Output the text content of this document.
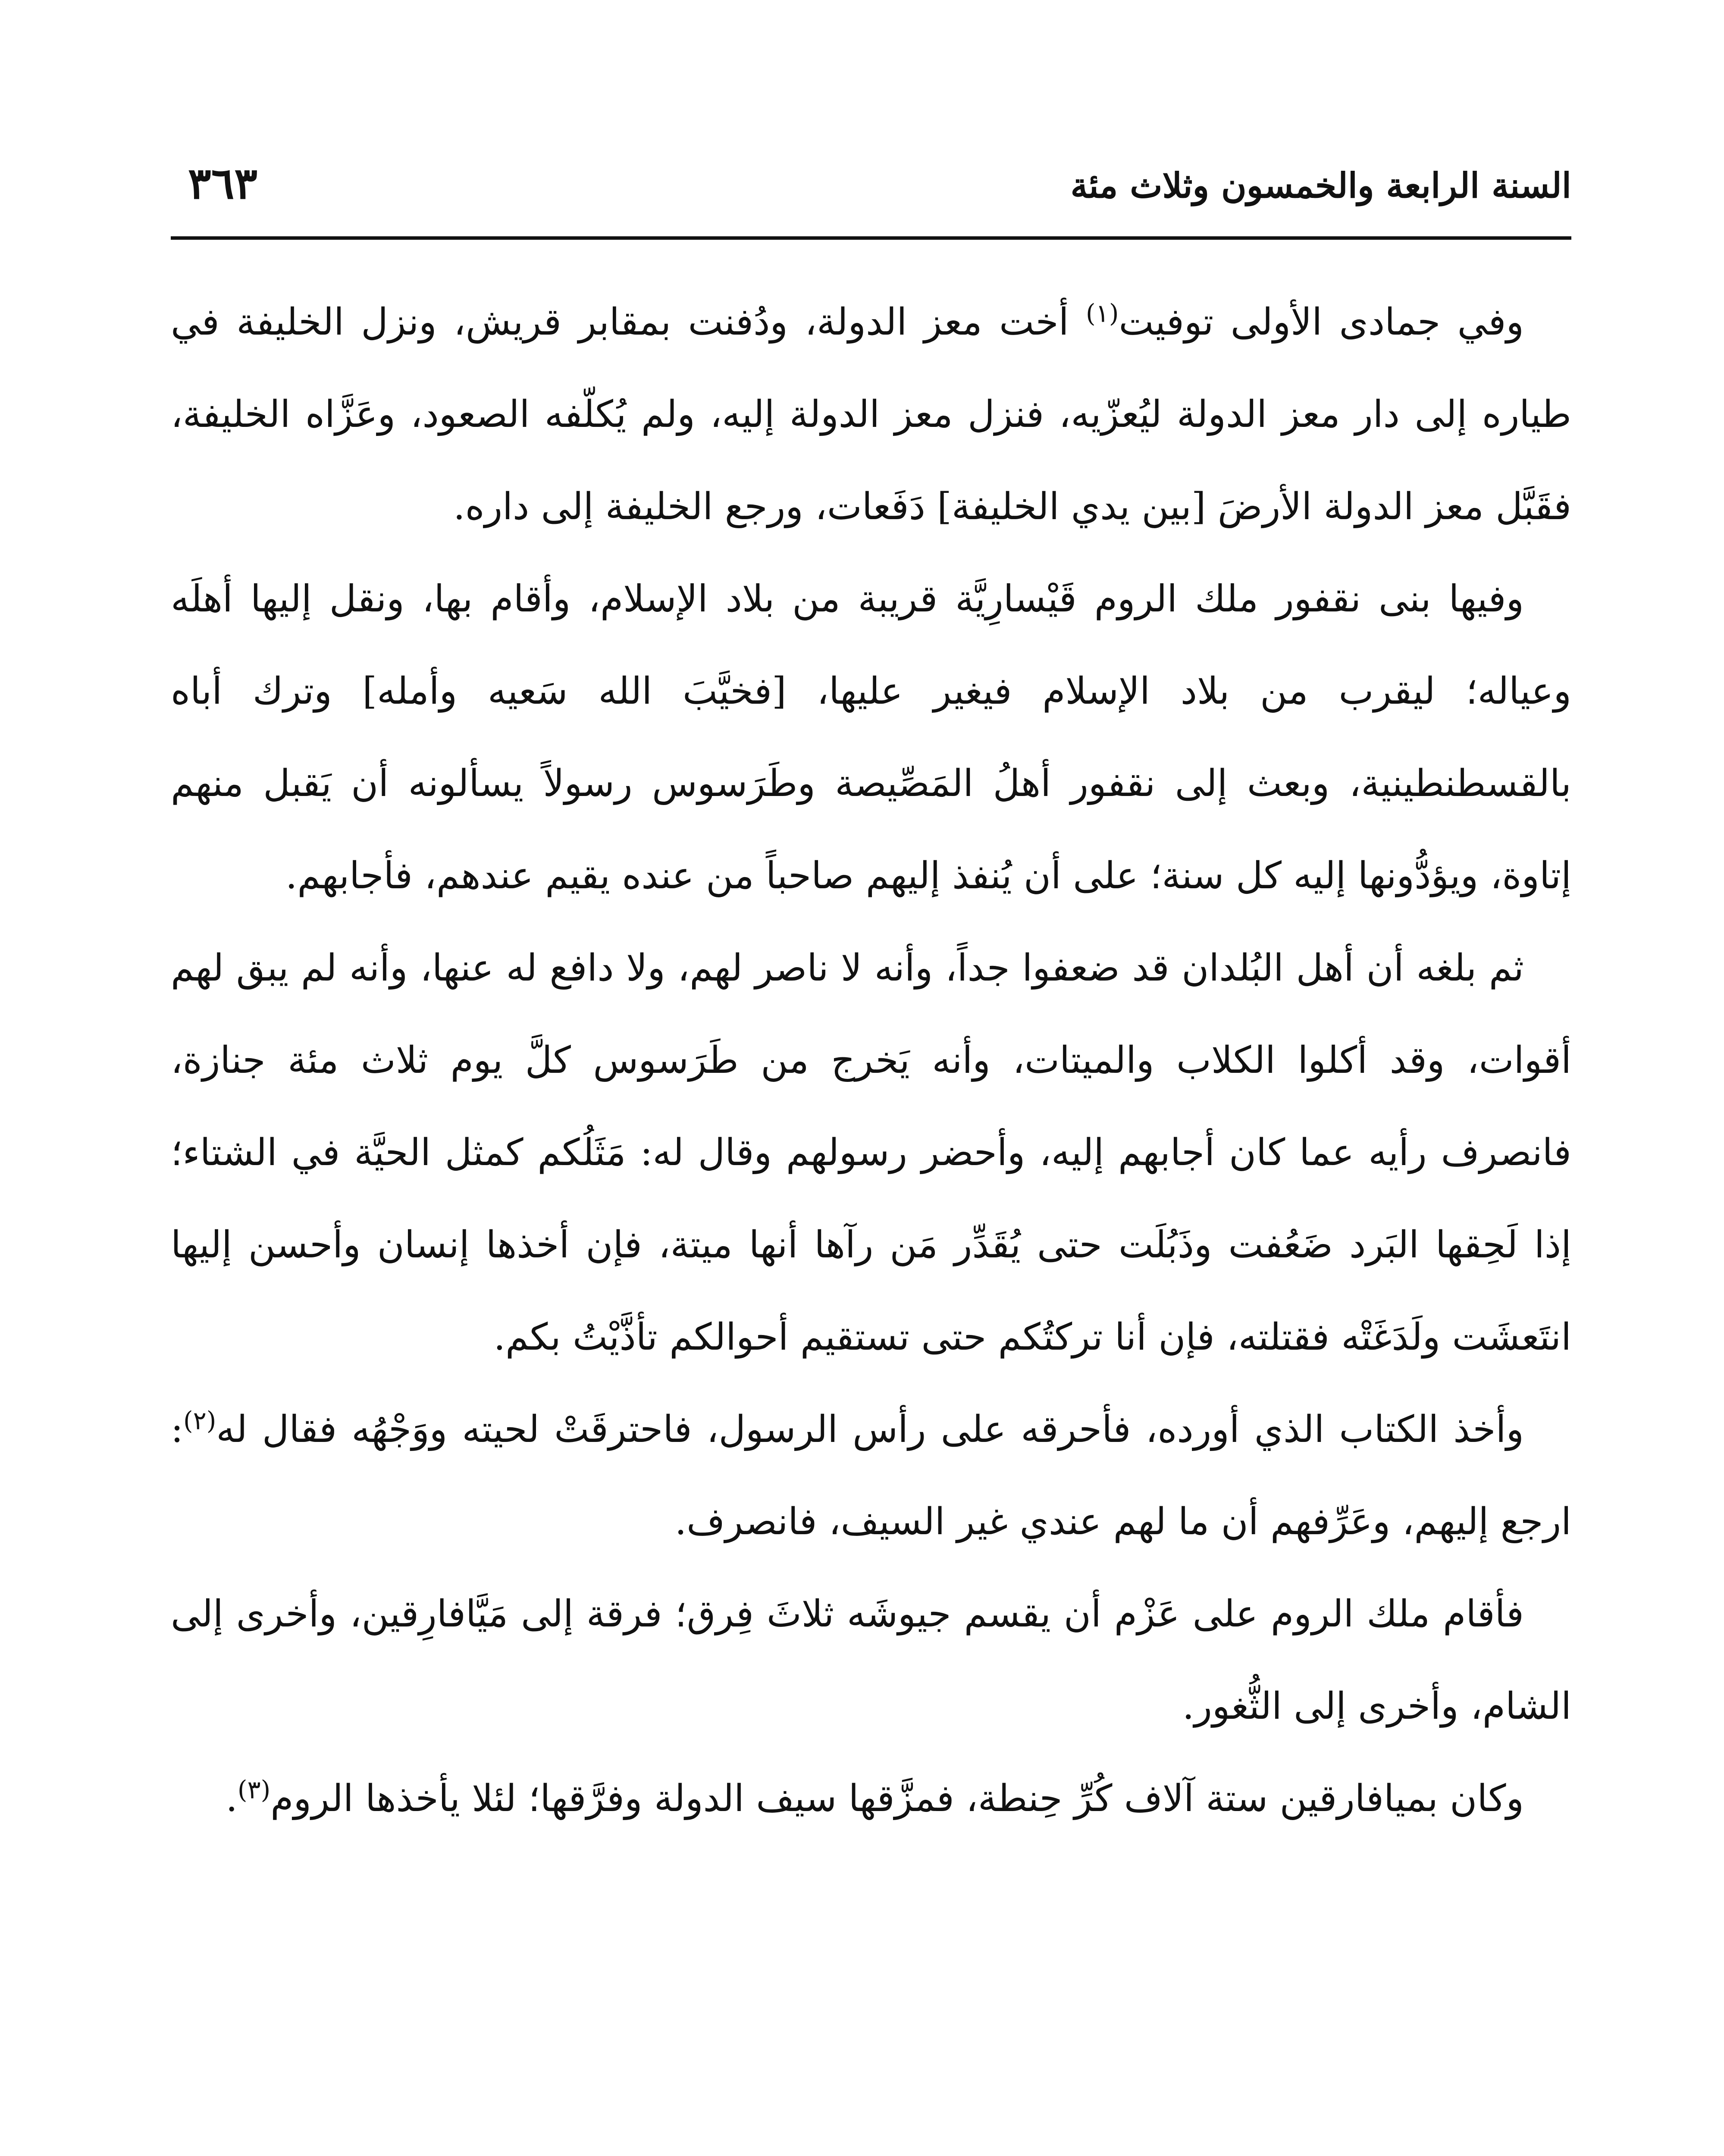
السنة الرابعة والخمسون وثلاث مئة
٣٦٣

وفي جمادى الأولى توفيت$^{(١)}$ أخت معز الدولة، ودُفنت بمقابر قريش، ونزل الخليفة في طياره إلى دار معز الدولة ليُعزّيه، فنزل معز الدولة إليه، ولم يُكلّفه الصعود، وعَزَّاه الخليفة، فقَبَّل معز الدولة الأرضَ [بين يدي الخليفة] دَفَعات، ورجع الخليفة إلى داره.

وفيها بنى نقفور ملك الروم قَيْسارِيَّة قريبة من بلاد الإسلام، وأقام بها، ونقل إليها أهلَه وعياله؛ ليقرب من بلاد الإسلام فيغير عليها، [فخيَّبَ الله سَعيه وأمله] وترك أباه بالقسطنطينية، وبعث إلى نقفور أهلُ المَصِّيصة وطَرَسوس رسولاً يسألونه أن يَقبل منهم إتاوة، ويؤدُّونها إليه كل سنة؛ على أن يُنفذ إليهم صاحباً من عنده يقيم عندهم، فأجابهم.

ثم بلغه أن أهل البُلدان قد ضعفوا جداً، وأنه لا ناصر لهم، ولا دافع له عنها، وأنه لم يبق لهم أقوات، وقد أكلوا الكلاب والميتات، وأنه يَخرج من طَرَسوس كلَّ يوم ثلاث مئة جنازة، فانصرف رأيه عما كان أجابهم إليه، وأحضر رسولهم وقال له: مَثَلُكم كمثل الحيَّة في الشتاء؛ إذا لَحِقها البَرد ضَعُفت وذَبُلَت حتى يُقَدِّر مَن رآها أنها ميتة، فإن أخذها إنسان وأحسن إليها انتَعشَت ولَدَغَتْه فقتلته، فإن أنا تركتُكم حتى تستقيم أحوالكم تأذَّيْتُ بكم.

وأخذ الكتاب الذي أورده، فأحرقه على رأس الرسول، فاحترقَتْ لحيته ووَجْهُه فقال له$^{(٢)}$: ارجع إليهم، وعَرِّفهم أن ما لهم عندي غير السيف، فانصرف.

فأقام ملك الروم على عَزْم أن يقسم جيوشَه ثلاثَ فِرق؛ فرقة إلى مَيَّافارِقين، وأخرى إلى الشام، وأخرى إلى الثُّغور.

وكان بميافارقين ستة آلاف كُرِّ حِنطة، فمزَّقها سيف الدولة وفرَّقها؛ لئلا يأخذها الروم$^{(٣)}$.
